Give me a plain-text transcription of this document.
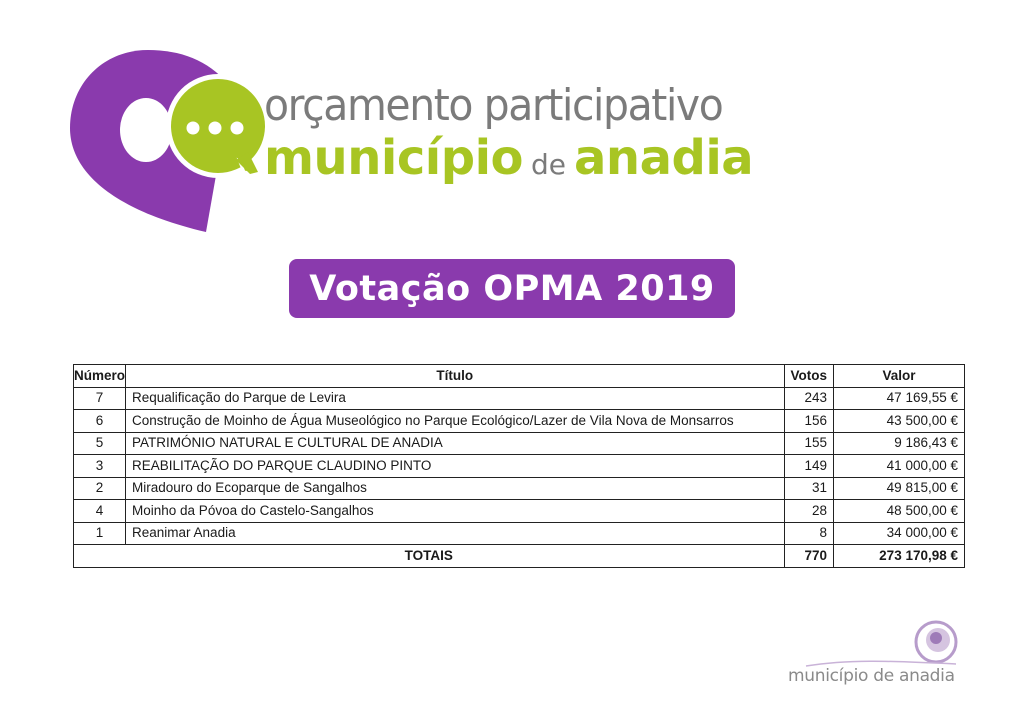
orçamento participativo
município de anadia
Votação OPMA 2019
Número	Título	Votos	Valor
7	Requalificação do Parque de Levira	243	47 169,55 €
6	Construção de Moinho de Água Museológico no Parque Ecológico/Lazer de Vila Nova de Monsarros	156	43 500,00 €
5	PATRIMÓNIO NATURAL E CULTURAL DE ANADIA	155	9 186,43 €
3	REABILITAÇÃO DO PARQUE CLAUDINO PINTO	149	41 000,00 €
2	Miradouro do Ecoparque de Sangalhos	31	49 815,00 €
4	Moinho da Póvoa do Castelo-Sangalhos	28	48 500,00 €
1	Reanimar Anadia	8	34 000,00 €
TOTAIS		770	273 170,98 €
município de anadia
